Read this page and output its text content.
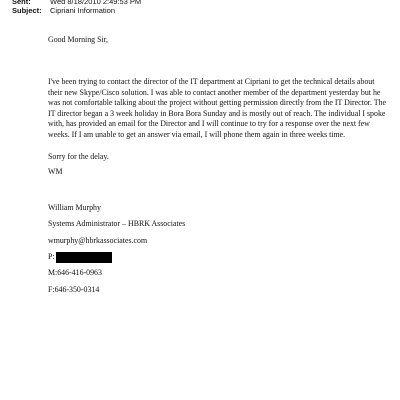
Sent:	Wed 8/18/2010 2:49:53 PM
Subject: Cipriani Information
Good Morning Sir,
I've been trying to contact the director of the IT department at Cipriani to get the technical details about their new Skype/Cisco solution. I was able to contact another member of the department yesterday but he was not comfortable talking about the project without getting permission directly from the IT Director. The IT director began a 3 week holiday in Bora Bora Sunday and is mostly out of reach. The individual I spoke with, has provided an email for the Director and I will continue to try for a response over the next few weeks. If I am unable to get an answer via email, I will phone them again in three weeks time.
Sorry for the delay.
WM
William Murphy
Systems Administrator – HBRK Associates
wmurphy@hbrkassociates.com
P:
M:646-416-0963
F:646-350-0314
